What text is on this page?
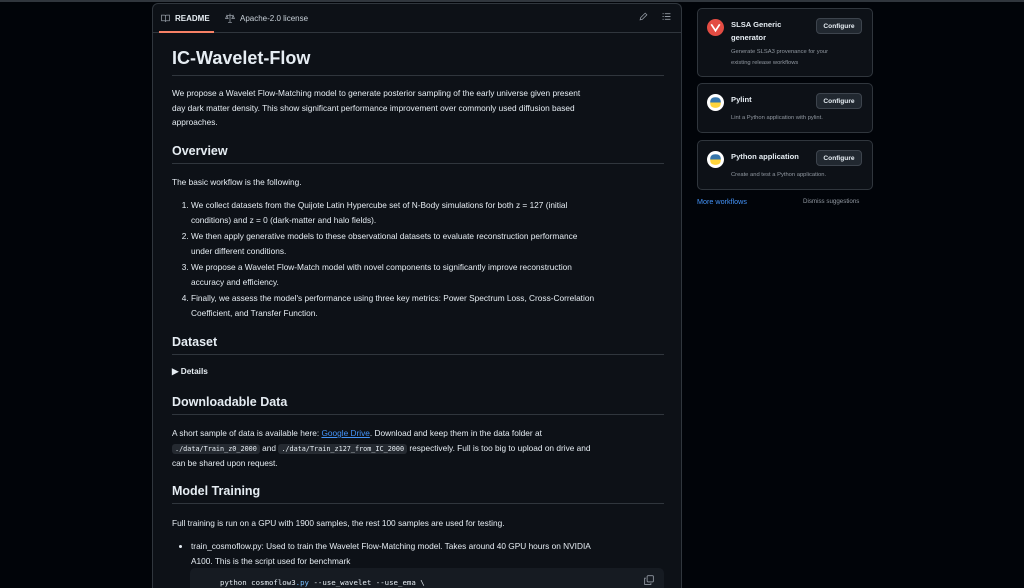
README	Apache-2.0 license
IC-Wavelet-Flow

We propose a Wavelet Flow-Matching model to generate posterior sampling of the early universe given present
day dark matter density. This show significant performance improvement over commonly used diffusion based
approaches.

Overview

The basic workflow is the following.

1. We collect datasets from the Quijote Latin Hypercube set of N-Body simulations for both z = 127 (initial
conditions) and z = 0 (dark-matter and halo fields).
2. We then apply generative models to these observational datasets to evaluate reconstruction performance
under different conditions.
3. We propose a Wavelet Flow-Match model with novel components to significantly improve reconstruction
accuracy and efficiency.
4. Finally, we assess the model's performance using three key metrics: Power Spectrum Loss, Cross-Correlation
Coefficient, and Transfer Function.
Dataset
▶ Details
Downloadable Data

A short sample of data is available here: Google Drive. Download and keep them in the data folder at
./data/Train_z0_2000 and ./data/Train_z127_from_IC_2000 respectively. Full is too big to upload on drive and
can be shared upon request.

Model Training

Full training is run on a GPU with 1900 samples, the rest 100 samples are used for testing.

• train_cosmoflow.py: Used to train the Wavelet Flow-Matching model. Takes around 40 GPU hours on NVIDIA
A100. This is the script used for benchmark
python cosmoflow3.py --use_wavelet --use_ema \
SLSA Generic
generator
Configure
Generate SLSA3 provenance for your
existing release workflows
Pylint	Configure
Lint a Python application with pylint.
Python application	Configure
Create and test a Python application.
More workflows	Dismiss suggestions
